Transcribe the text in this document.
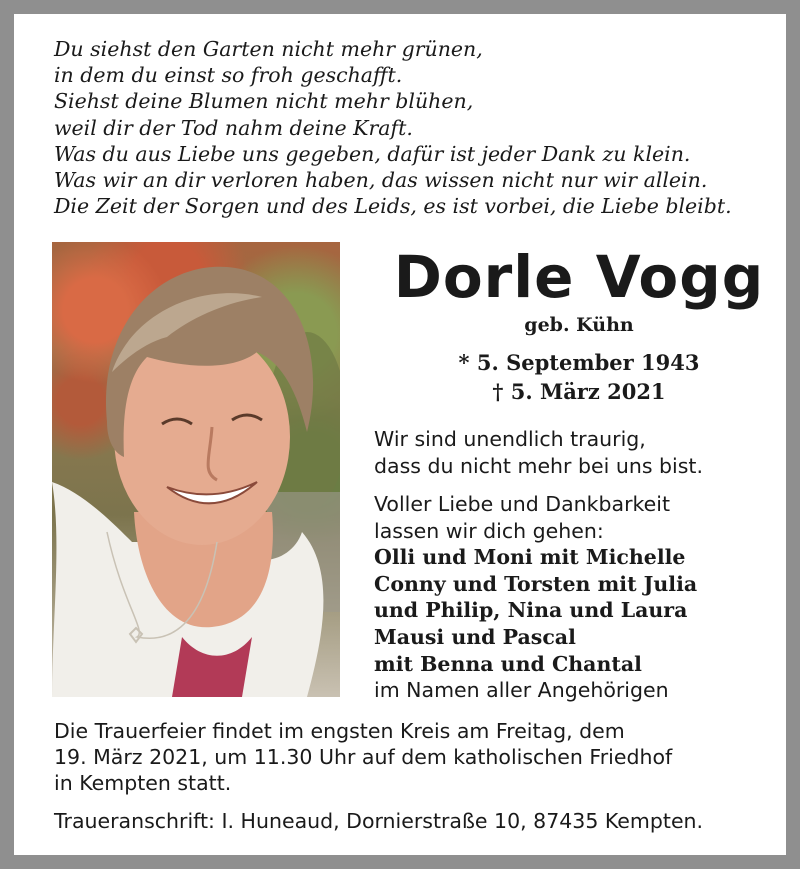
Du siehst den Garten nicht mehr grünen,
in dem du einst so froh geschafft.
Siehst deine Blumen nicht mehr blühen,
weil dir der Tod nahm deine Kraft.
Was du aus Liebe uns gegeben, dafür ist jeder Dank zu klein.
Was wir an dir verloren haben, das wissen nicht nur wir allein.
Die Zeit der Sorgen und des Leids, es ist vorbei, die Liebe bleibt.
Dorle Vogg
geb. Kühn
* 5. September 1943
† 5. März 2021
Wir sind unendlich traurig,
dass du nicht mehr bei uns bist.
Voller Liebe und Dankbarkeit
lassen wir dich gehen:
Olli und Moni mit Michelle
Conny und Torsten mit Julia
und Philip, Nina und Laura
Mausi und Pascal
mit Benna und Chantal
im Namen aller Angehörigen
Die Trauerfeier findet im engsten Kreis am Freitag, dem
19. März 2021, um 11.30 Uhr auf dem katholischen Friedhof
in Kempten statt.
Traueranschrift: I. Huneaud, Dornierstraße 10, 87435 Kempten.
